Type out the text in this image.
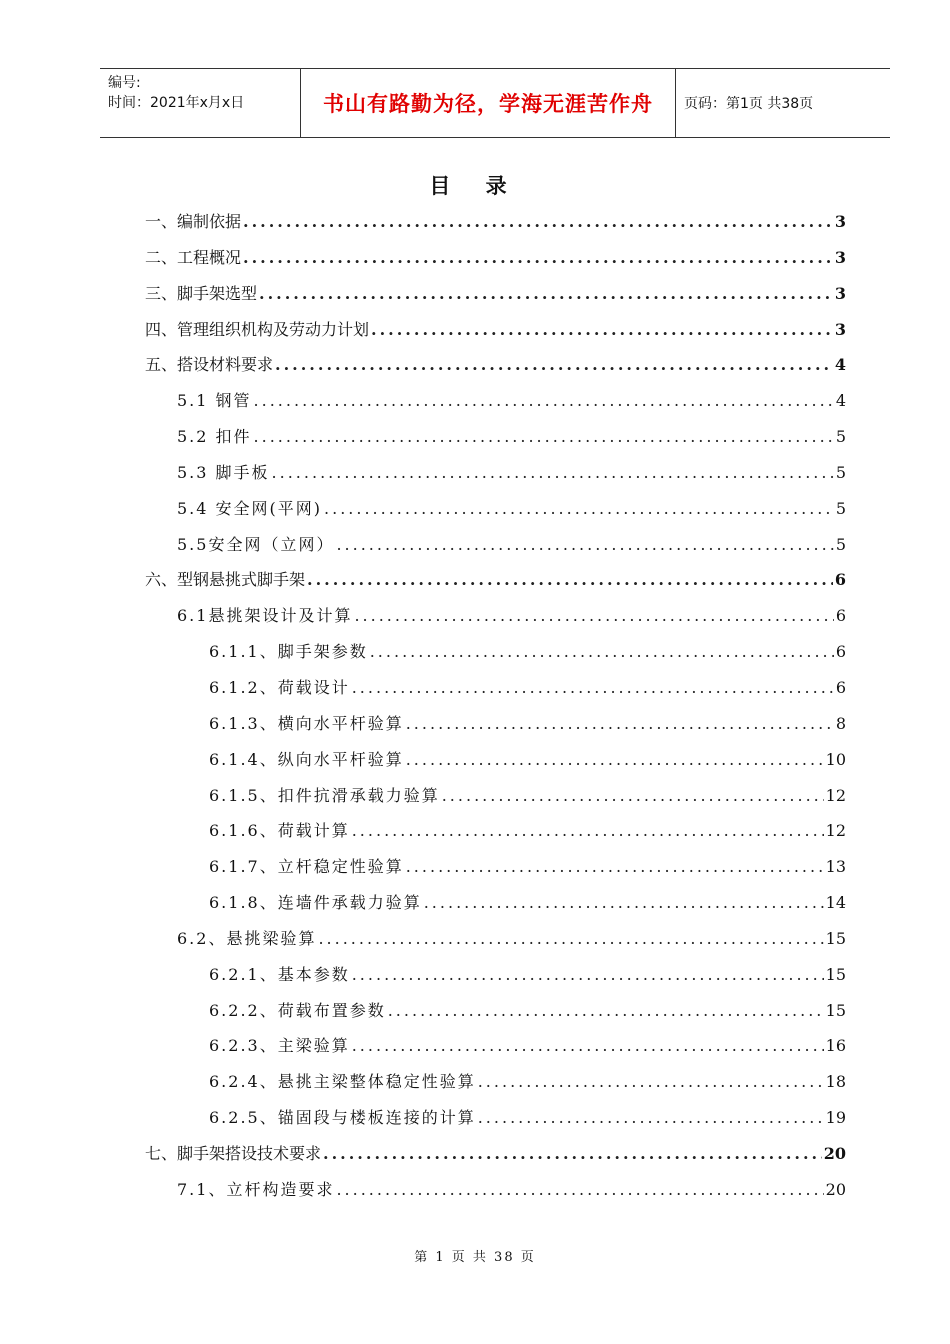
编号:
时间：2021年x月x日	书山有路勤为径，学海无涯苦作舟	页码：第1页 共38页
目 录
一、编制依据 .....	3
二、工程概况 .....	3
三、脚手架选型 .....	3
四、管理组织机构及劳动力计划 .....	3
五、搭设材料要求 .....	4
5.1 钢管 .....	4
5.2 扣件 .....	5
5.3 脚手板 .....	5
5.4 安全网(平网) .....	5
5.5安全网（立网） .....	5
六、型钢悬挑式脚手架 .....	6
6.1悬挑架设计及计算 .....	6
6.1.1、脚手架参数 .....	6
6.1.2、荷载设计 .....	6
6.1.3、横向水平杆验算 .....	8
6.1.4、纵向水平杆验算 .....	10
6.1.5、扣件抗滑承载力验算 .....	12
6.1.6、荷载计算 .....	12
6.1.7、立杆稳定性验算 .....	13
6.1.8、连墙件承载力验算 .....	14
6.2、悬挑梁验算 .....	15
6.2.1、基本参数 .....	15
6.2.2、荷载布置参数 .....	15
6.2.3、主梁验算 .....	16
6.2.4、悬挑主梁整体稳定性验算 .....	18
6.2.5、锚固段与楼板连接的计算 .....	19
七、脚手架搭设技术要求 .....	20
7.1、立杆构造要求 .....	20
第 1 页 共 38 页
